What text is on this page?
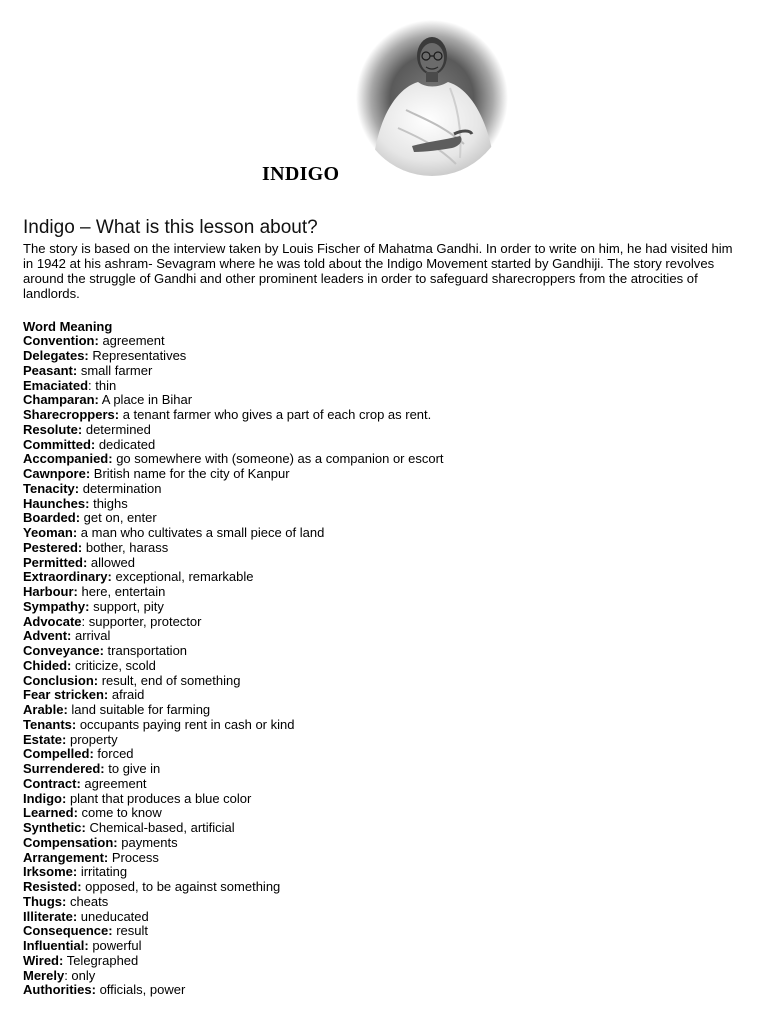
INDIGO
Indigo – What is this lesson about?

The story is based on the interview taken by Louis Fischer of Mahatma Gandhi. In order to write on him, he had visited him in 1942 at his ashram- Sevagram where he was told about the Indigo Movement started by Gandhiji. The story revolves around the struggle of Gandhi and other prominent leaders in order to safeguard sharecroppers from the atrocities of landlords.

Word Meaning
Convention: agreement
Delegates: Representatives
Peasant: small farmer
Emaciated: thin
Champaran: A place in Bihar
Sharecroppers: a tenant farmer who gives a part of each crop as rent.
Resolute: determined
Committed: dedicated
Accompanied: go somewhere with (someone) as a companion or escort
Cawnpore: British name for the city of Kanpur
Tenacity: determination
Haunches: thighs
Boarded: get on, enter
Yeoman: a man who cultivates a small piece of land
Pestered: bother, harass
Permitted: allowed
Extraordinary: exceptional, remarkable
Harbour: here, entertain
Sympathy: support, pity
Advocate: supporter, protector
Advent: arrival
Conveyance: transportation
Chided: criticize, scold
Conclusion: result, end of something
Fear stricken: afraid
Arable: land suitable for farming
Tenants: occupants paying rent in cash or kind
Estate: property
Compelled: forced
Surrendered: to give in
Contract: agreement
Indigo: plant that produces a blue color
Learned: come to know
Synthetic: Chemical-based, artificial
Compensation: payments
Arrangement: Process
Irksome: irritating
Resisted: opposed, to be against something
Thugs: cheats
Illiterate: uneducated
Consequence: result
Influential: powerful
Wired: Telegraphed
Merely: only
Authorities: officials, power
